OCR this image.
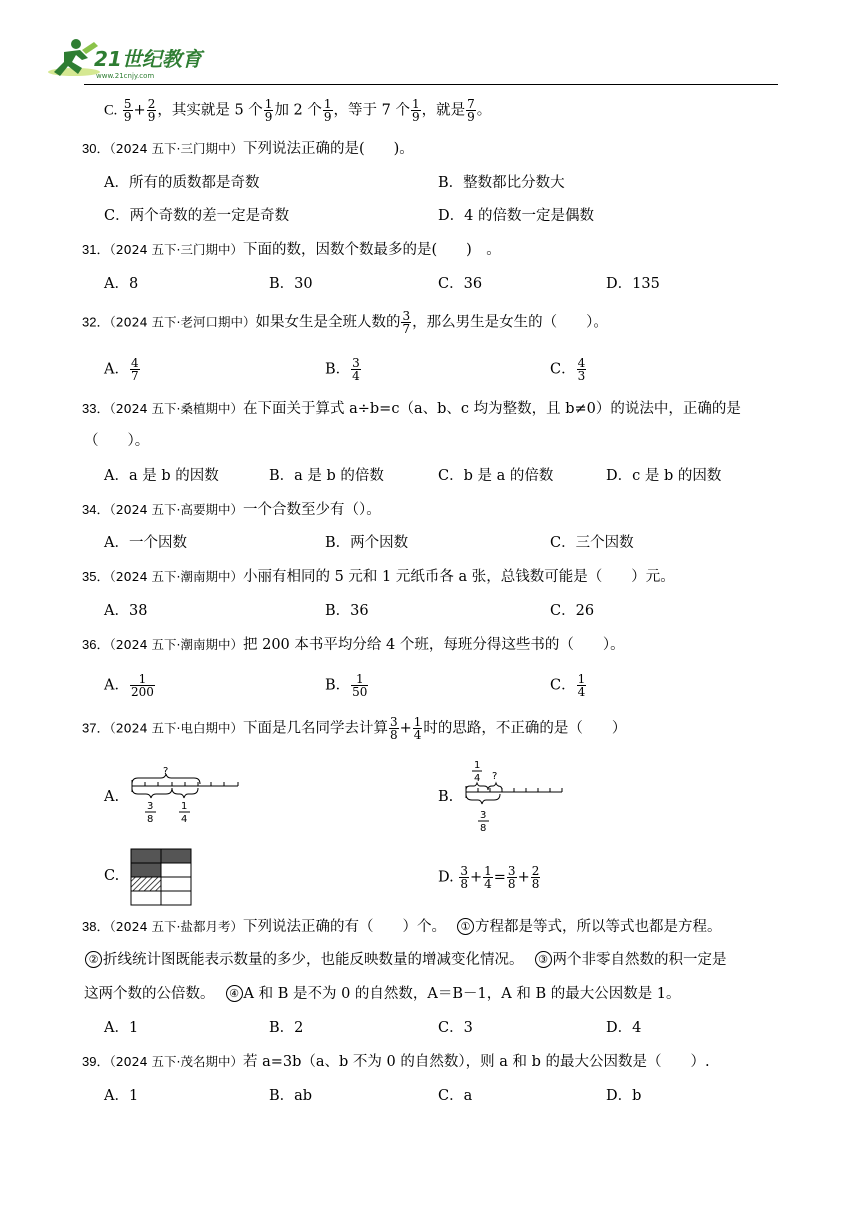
21世纪教育
www.21cnjy.com
C. $\frac{5}{9} + \frac{2}{9}$ ，其实就是 5 个 $\frac{1}{9}$ 加 2 个 $\frac{1}{9}$ ，等于 7 个 $\frac{1}{9}$ ，就是 $\frac{7}{9}$ 。
30．（2024 五下·三门期中）下列说法正确的是(　　)。
A．所有的质数都是奇数	B．整数都比分数大
C．两个奇数的差一定是奇数	D．4 的倍数一定是偶数
31．（2024 五下·三门期中）下面的数，因数个数最多的是(　　)　。
A．8	B．30	C．36	D．135
32．（2024 五下·老河口期中）如果女生是全班人数的 $\frac{3}{7}$ ，那么男生是女生的（　　）。
A． $\frac{4}{7}$	B． $\frac{3}{4}$	C． $\frac{4}{3}$
33．（2024 五下·桑植期中）在下面关于算式 a÷b=c（a、b、c 均为整数，且 b≠0）的说法中，正确的是
（　　）。
A．a 是 b 的因数	B．a 是 b 的倍数	C．b 是 a 的倍数	D．c 是 b 的因数
34．（2024 五下·高要期中）一个合数至少有（）。
A．一个因数	B．两个因数	C．三个因数
35．（2024 五下·潮南期中）小丽有相同的 5 元和 1 元纸币各 a 张，总钱数可能是（　　）元。
A．38	B．36	C．26
36．（2024 五下·潮南期中）把 200 本书平均分给 4 个班，每班分得这些书的（　　）。
A． $\frac{1}{200}$	B． $\frac{1}{50}$	C． $\frac{1}{4}$
37．（2024 五下·电白期中）下面是几名同学去计算 $\frac{3}{8} + \frac{1}{4}$ 时的思路，不正确的是（　　）
A.
?
3
8
1
4
B.
1
4 ?
3
8
C.	D. $\frac{3}{8} + \frac{1}{4} = \frac{3}{8} + \frac{2}{8}$
38．（2024 五下·盐都月考）下列说法正确的有（　　）个。 ① 方程都是等式，所以等式也都是方程。
② 折线统计图既能表示数量的多少，也能反映数量的增减变化情况。 ③ 两个非零自然数的积一定是
这两个数的公倍数。 ④ A 和 B 是不为 0 的自然数，A＝B－1，A 和 B 的最大公因数是 1。
A．1	B．2	C．3	D．4
39．（2024 五下·茂名期中）若 a=3b（a、b 不为 0 的自然数），则 a 和 b 的最大公因数是（　　）.
A．1	B．ab	C．a	D．b
